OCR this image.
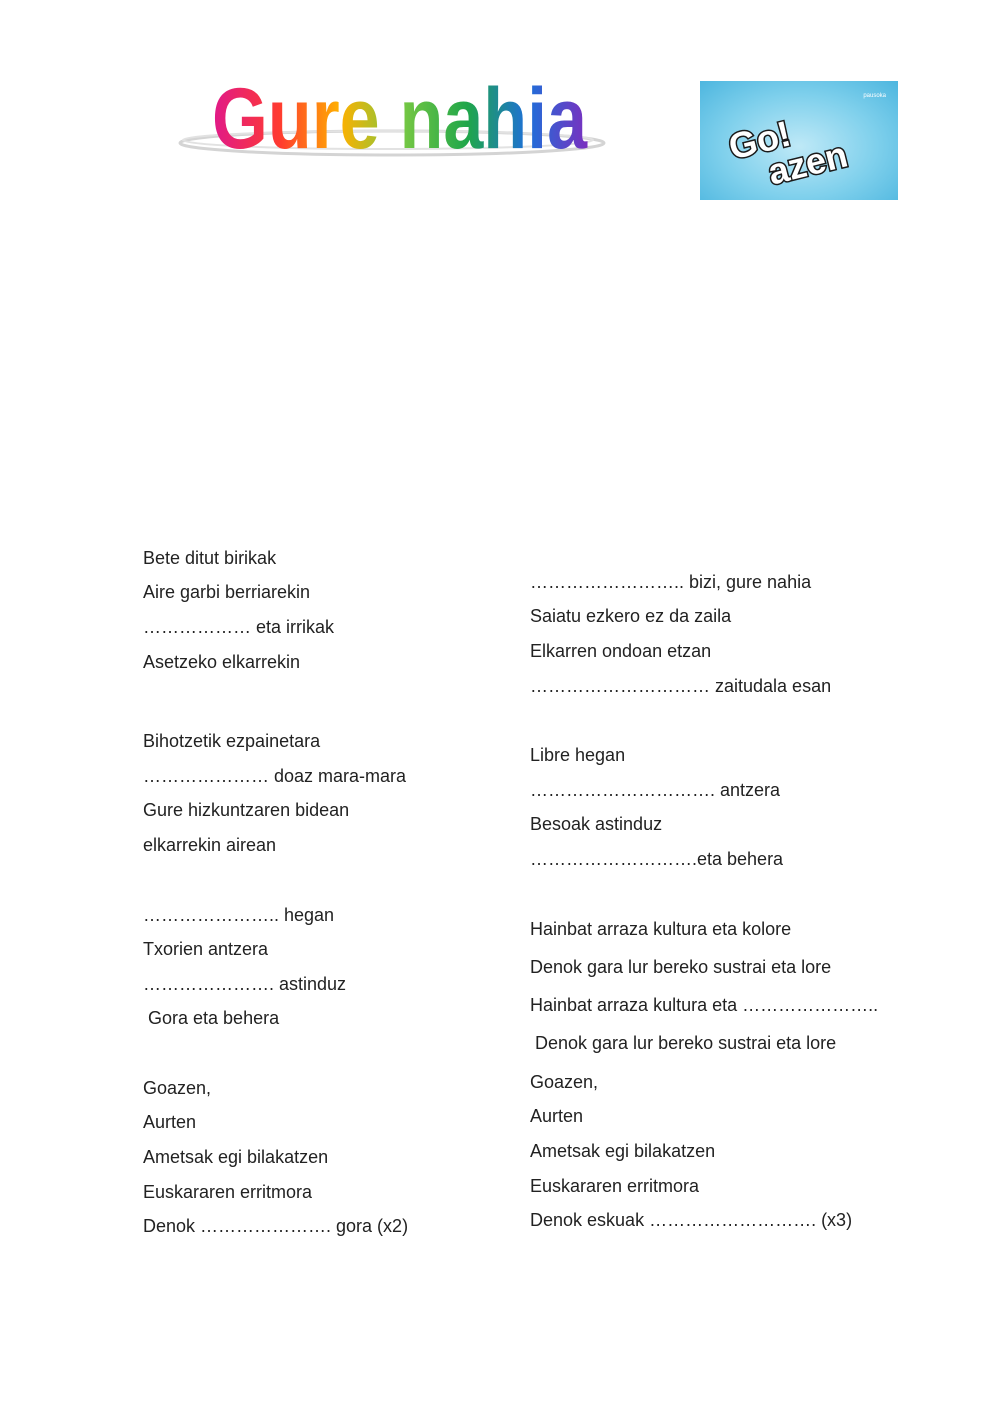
Gure nahia	pausoka
Go!
azen
Bete ditut birikak
Aire garbi berriarekin
……………… eta irrikak
Asetzeko elkarrekin
Bihotzetik ezpainetara
………………… doaz mara-mara
Gure hizkuntzaren bidean
elkarrekin airean
………………….. hegan
Txorien antzera
…………………. astinduz
Gora eta behera
Goazen,
Aurten
Ametsak egi bilakatzen
Euskararen erritmora
Denok …………………. gora (x2)
…………………….. bizi, gure nahia
Saiatu ezkero ez da zaila
Elkarren ondoan etzan
………………………… zaitudala esan
Libre hegan
…………………………. antzera
Besoak astinduz
……………………….eta behera
Hainbat arraza kultura eta kolore
Denok gara lur bereko sustrai eta lore
Hainbat arraza kultura eta …………………..
Denok gara lur bereko sustrai eta lore
Goazen,
Aurten
Ametsak egi bilakatzen
Euskararen erritmora
Denok eskuak ………………………. (x3)
